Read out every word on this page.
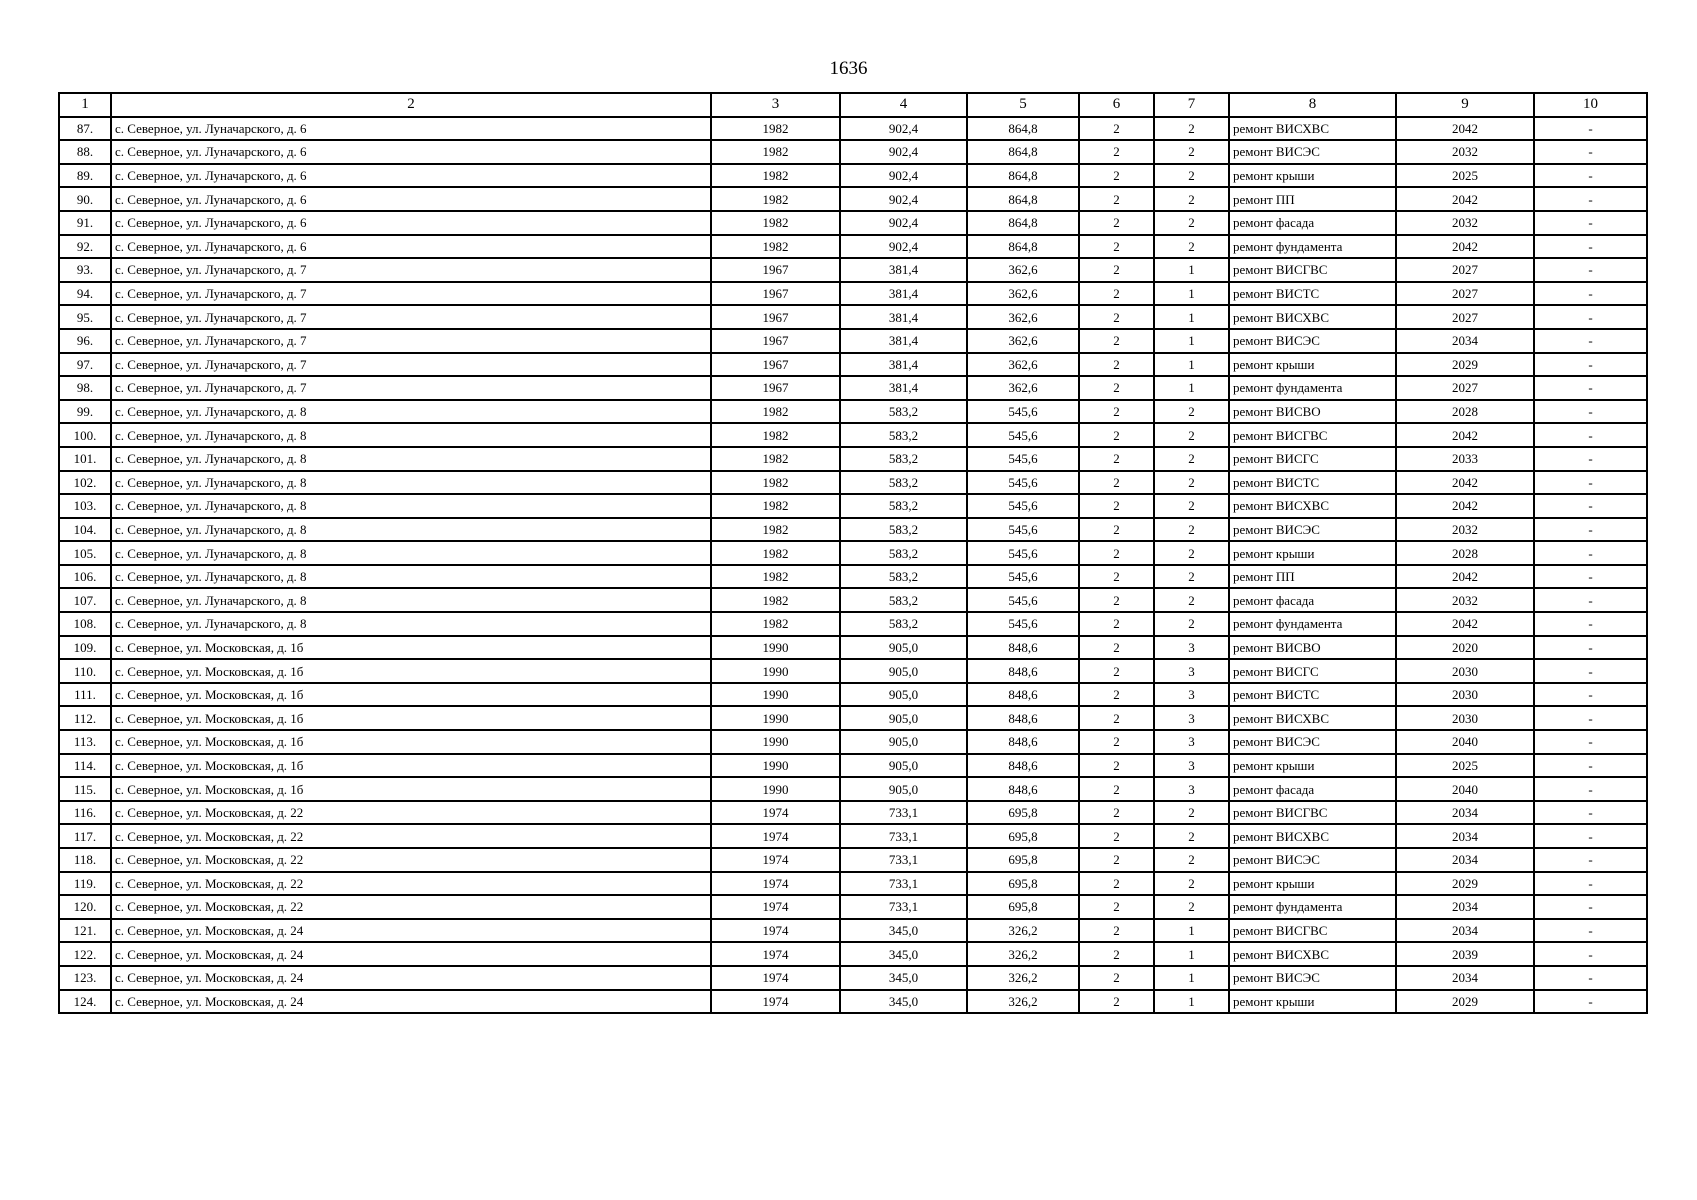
1636
1	2	3	4	5	6	7	8	9	10
87.	с. Северное, ул. Луначарского, д. 6	1982	902,4	864,8	2	2	ремонт ВИСХВС	2042	-
88.	с. Северное, ул. Луначарского, д. 6	1982	902,4	864,8	2	2	ремонт ВИСЭС	2032	-
89.	с. Северное, ул. Луначарского, д. 6	1982	902,4	864,8	2	2	ремонт крыши	2025	-
90.	с. Северное, ул. Луначарского, д. 6	1982	902,4	864,8	2	2	ремонт ПП	2042	-
91.	с. Северное, ул. Луначарского, д. 6	1982	902,4	864,8	2	2	ремонт фасада	2032	-
92.	с. Северное, ул. Луначарского, д. 6	1982	902,4	864,8	2	2	ремонт фундамента	2042	-
93.	с. Северное, ул. Луначарского, д. 7	1967	381,4	362,6	2	1	ремонт ВИСГВС	2027	-
94.	с. Северное, ул. Луначарского, д. 7	1967	381,4	362,6	2	1	ремонт ВИСТС	2027	-
95.	с. Северное, ул. Луначарского, д. 7	1967	381,4	362,6	2	1	ремонт ВИСХВС	2027	-
96.	с. Северное, ул. Луначарского, д. 7	1967	381,4	362,6	2	1	ремонт ВИСЭС	2034	-
97.	с. Северное, ул. Луначарского, д. 7	1967	381,4	362,6	2	1	ремонт крыши	2029	-
98.	с. Северное, ул. Луначарского, д. 7	1967	381,4	362,6	2	1	ремонт фундамента	2027	-
99.	с. Северное, ул. Луначарского, д. 8	1982	583,2	545,6	2	2	ремонт ВИСВО	2028	-
100.	с. Северное, ул. Луначарского, д. 8	1982	583,2	545,6	2	2	ремонт ВИСГВС	2042	-
101.	с. Северное, ул. Луначарского, д. 8	1982	583,2	545,6	2	2	ремонт ВИСГС	2033	-
102.	с. Северное, ул. Луначарского, д. 8	1982	583,2	545,6	2	2	ремонт ВИСТС	2042	-
103.	с. Северное, ул. Луначарского, д. 8	1982	583,2	545,6	2	2	ремонт ВИСХВС	2042	-
104.	с. Северное, ул. Луначарского, д. 8	1982	583,2	545,6	2	2	ремонт ВИСЭС	2032	-
105.	с. Северное, ул. Луначарского, д. 8	1982	583,2	545,6	2	2	ремонт крыши	2028	-
106.	с. Северное, ул. Луначарского, д. 8	1982	583,2	545,6	2	2	ремонт ПП	2042	-
107.	с. Северное, ул. Луначарского, д. 8	1982	583,2	545,6	2	2	ремонт фасада	2032	-
108.	с. Северное, ул. Луначарского, д. 8	1982	583,2	545,6	2	2	ремонт фундамента	2042	-
109.	с. Северное, ул. Московская, д. 1б	1990	905,0	848,6	2	3	ремонт ВИСВО	2020	-
110.	с. Северное, ул. Московская, д. 1б	1990	905,0	848,6	2	3	ремонт ВИСГС	2030	-
111.	с. Северное, ул. Московская, д. 1б	1990	905,0	848,6	2	3	ремонт ВИСТС	2030	-
112.	с. Северное, ул. Московская, д. 1б	1990	905,0	848,6	2	3	ремонт ВИСХВС	2030	-
113.	с. Северное, ул. Московская, д. 1б	1990	905,0	848,6	2	3	ремонт ВИСЭС	2040	-
114.	с. Северное, ул. Московская, д. 1б	1990	905,0	848,6	2	3	ремонт крыши	2025	-
115.	с. Северное, ул. Московская, д. 1б	1990	905,0	848,6	2	3	ремонт фасада	2040	-
116.	с. Северное, ул. Московская, д. 22	1974	733,1	695,8	2	2	ремонт ВИСГВС	2034	-
117.	с. Северное, ул. Московская, д. 22	1974	733,1	695,8	2	2	ремонт ВИСХВС	2034	-
118.	с. Северное, ул. Московская, д. 22	1974	733,1	695,8	2	2	ремонт ВИСЭС	2034	-
119.	с. Северное, ул. Московская, д. 22	1974	733,1	695,8	2	2	ремонт крыши	2029	-
120.	с. Северное, ул. Московская, д. 22	1974	733,1	695,8	2	2	ремонт фундамента	2034	-
121.	с. Северное, ул. Московская, д. 24	1974	345,0	326,2	2	1	ремонт ВИСГВС	2034	-
122.	с. Северное, ул. Московская, д. 24	1974	345,0	326,2	2	1	ремонт ВИСХВС	2039	-
123.	с. Северное, ул. Московская, д. 24	1974	345,0	326,2	2	1	ремонт ВИСЭС	2034	-
124.	с. Северное, ул. Московская, д. 24	1974	345,0	326,2	2	1	ремонт крыши	2029	-
